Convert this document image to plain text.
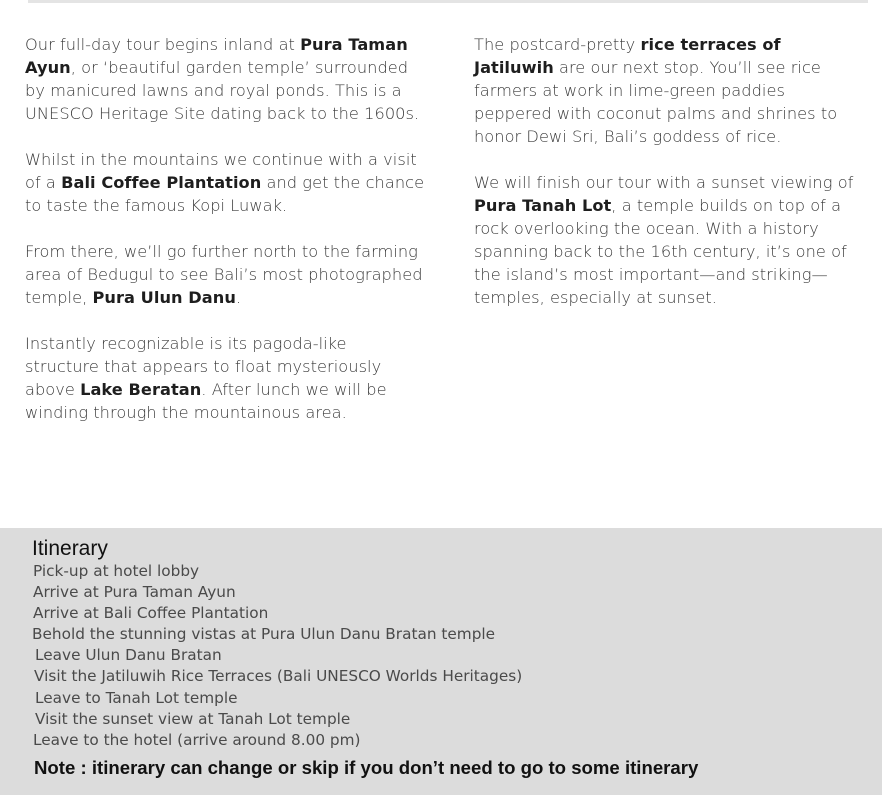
Our full-day tour begins inland at Pura Taman Ayun, or ‘beautiful garden temple’ surrounded by manicured lawns and royal ponds. This is a UNESCO Heritage Site dating back to the 1600s.

Whilst in the mountains we continue with a visit of a Bali Coffee Plantation and get the chance to taste the famous Kopi Luwak.

From there, we’ll go further north to the farming area of Bedugul to see Bali’s most photographed temple, Pura Ulun Danu.

Instantly recognizable is its pagoda-like structure that appears to float mysteriously above Lake Beratan. After lunch we will be winding through the mountainous area.

The postcard-pretty rice terraces of Jatiluwih are our next stop. You’ll see rice farmers at work in lime-green paddies peppered with coconut palms and shrines to honor Dewi Sri, Bali’s goddess of rice.

We will finish our tour with a sunset viewing of Pura Tanah Lot, a temple builds on top of a rock overlooking the ocean. With a history spanning back to the 16th century, it’s one of the island’s most important—and striking—temples, especially at sunset.

Itinerary
Pick-up at hotel lobby
Arrive at Pura Taman Ayun
Arrive at Bali Coffee Plantation
Behold the stunning vistas at Pura Ulun Danu Bratan temple
Leave Ulun Danu Bratan
Visit the Jatiluwih Rice Terraces (Bali UNESCO Worlds Heritages)
Leave to Tanah Lot temple
Visit the sunset view at Tanah Lot temple
Leave to the hotel (arrive around 8.00 pm)

Note : itinerary can change or skip if you don’t need to go to some itinerary
